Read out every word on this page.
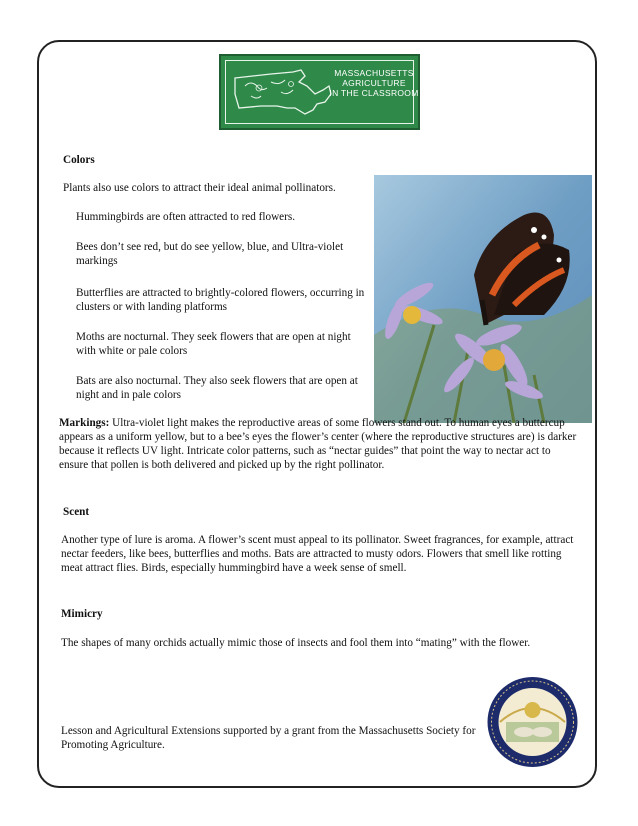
MASSACHUSETTS
AGRICULTURE
IN THE CLASSROOM

Colors

Plants also use colors to attract their ideal animal pollinators.

Hummingbirds are often attracted to red flowers.

Bees don’t see red, but do see yellow, blue, and Ultra-violet markings

Butterflies are attracted to brightly-colored flowers, occurring in clusters or with landing platforms

Moths are nocturnal. They seek flowers that are open at night with white or pale colors

Bats are also nocturnal. They also seek flowers that are open at night and in pale colors

Markings: Ultra-violet light makes the reproductive areas of some flowers stand out. To human eyes a buttercup appears as a uniform yellow, but to a bee’s eyes the flower’s center (where the reproductive structures are) is darker because it reflects UV light. Intricate color patterns, such as “nectar guides” that point the way to nectar act to ensure that pollen is both delivered and picked up by the right pollinator.

Scent

Another type of lure is aroma. A flower’s scent must appeal to its pollinator. Sweet fragrances, for example, attract nectar feeders, like bees, butterflies and moths. Bats are attracted to musty odors. Flowers that smell like rotting meat attract flies. Birds, especially hummingbird have a week sense of smell.

Mimicry

The shapes of many orchids actually mimic those of insects and fool them into “mating” with the flower.

Lesson and Agricultural Extensions supported by a grant from the Massachusetts Society for Promoting Agriculture.
